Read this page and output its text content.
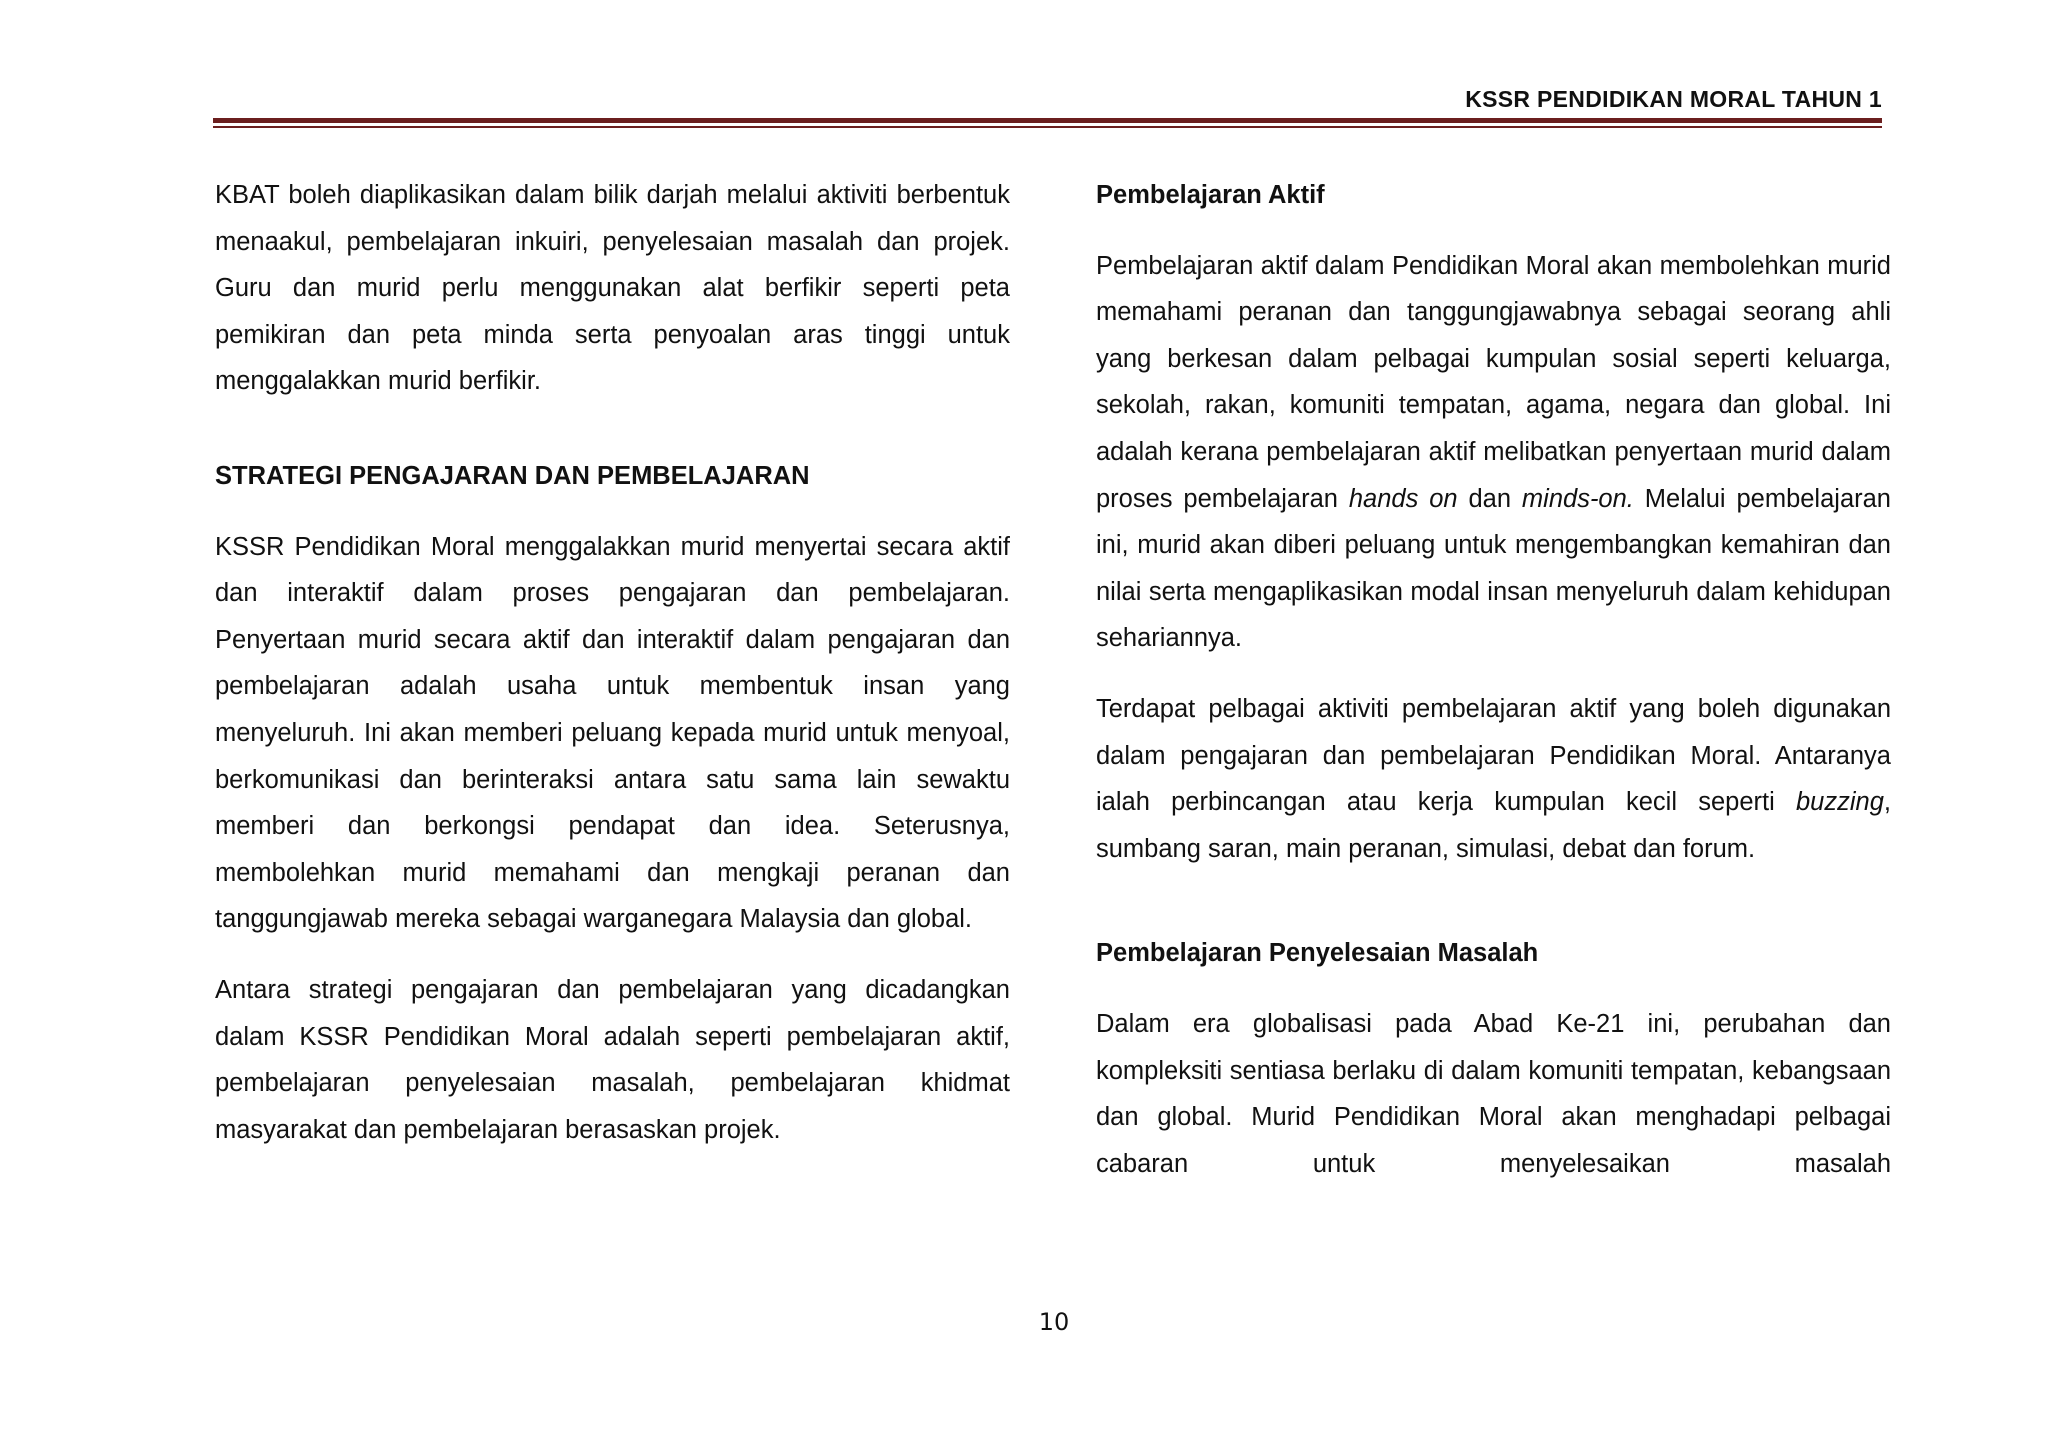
KSSR PENDIDIKAN MORAL TAHUN 1

KBAT boleh diaplikasikan dalam bilik darjah melalui aktiviti berbentuk menaakul, pembelajaran inkuiri, penyelesaian masalah dan projek. Guru dan murid perlu menggunakan alat berfikir seperti peta pemikiran dan peta minda serta penyoalan aras tinggi untuk menggalakkan murid berfikir.

STRATEGI PENGAJARAN DAN PEMBELAJARAN

KSSR Pendidikan Moral menggalakkan murid menyertai secara aktif dan interaktif dalam proses pengajaran dan pembelajaran. Penyertaan murid secara aktif dan interaktif dalam pengajaran dan pembelajaran adalah usaha untuk membentuk insan yang menyeluruh. Ini akan memberi peluang kepada murid untuk menyoal, berkomunikasi dan berinteraksi antara satu sama lain sewaktu memberi dan berkongsi pendapat dan idea. Seterusnya, membolehkan murid memahami dan mengkaji peranan dan tanggungjawab mereka sebagai warganegara Malaysia dan global.

Antara strategi pengajaran dan pembelajaran yang dicadangkan dalam KSSR Pendidikan Moral adalah seperti pembelajaran aktif, pembelajaran penyelesaian masalah, pembelajaran khidmat masyarakat dan pembelajaran berasaskan projek.

Pembelajaran Aktif

Pembelajaran aktif dalam Pendidikan Moral akan membolehkan murid memahami peranan dan tanggungjawabnya sebagai seorang ahli yang berkesan dalam pelbagai kumpulan sosial seperti keluarga, sekolah, rakan, komuniti tempatan, agama, negara dan global. Ini adalah kerana pembelajaran aktif melibatkan penyertaan murid dalam proses pembelajaran hands on dan minds-on. Melalui pembelajaran ini, murid akan diberi peluang untuk mengembangkan kemahiran dan nilai serta mengaplikasikan modal insan menyeluruh dalam kehidupan sehariannya.

Terdapat pelbagai aktiviti pembelajaran aktif yang boleh digunakan dalam pengajaran dan pembelajaran Pendidikan Moral. Antaranya ialah perbincangan atau kerja kumpulan kecil seperti buzzing, sumbang saran, main peranan, simulasi, debat dan forum.

Pembelajaran Penyelesaian Masalah

Dalam era globalisasi pada Abad Ke-21 ini, perubahan dan kompleksiti sentiasa berlaku di dalam komuniti tempatan, kebangsaan dan global. Murid Pendidikan Moral akan menghadapi pelbagai cabaran untuk menyelesaikan masalah

10
